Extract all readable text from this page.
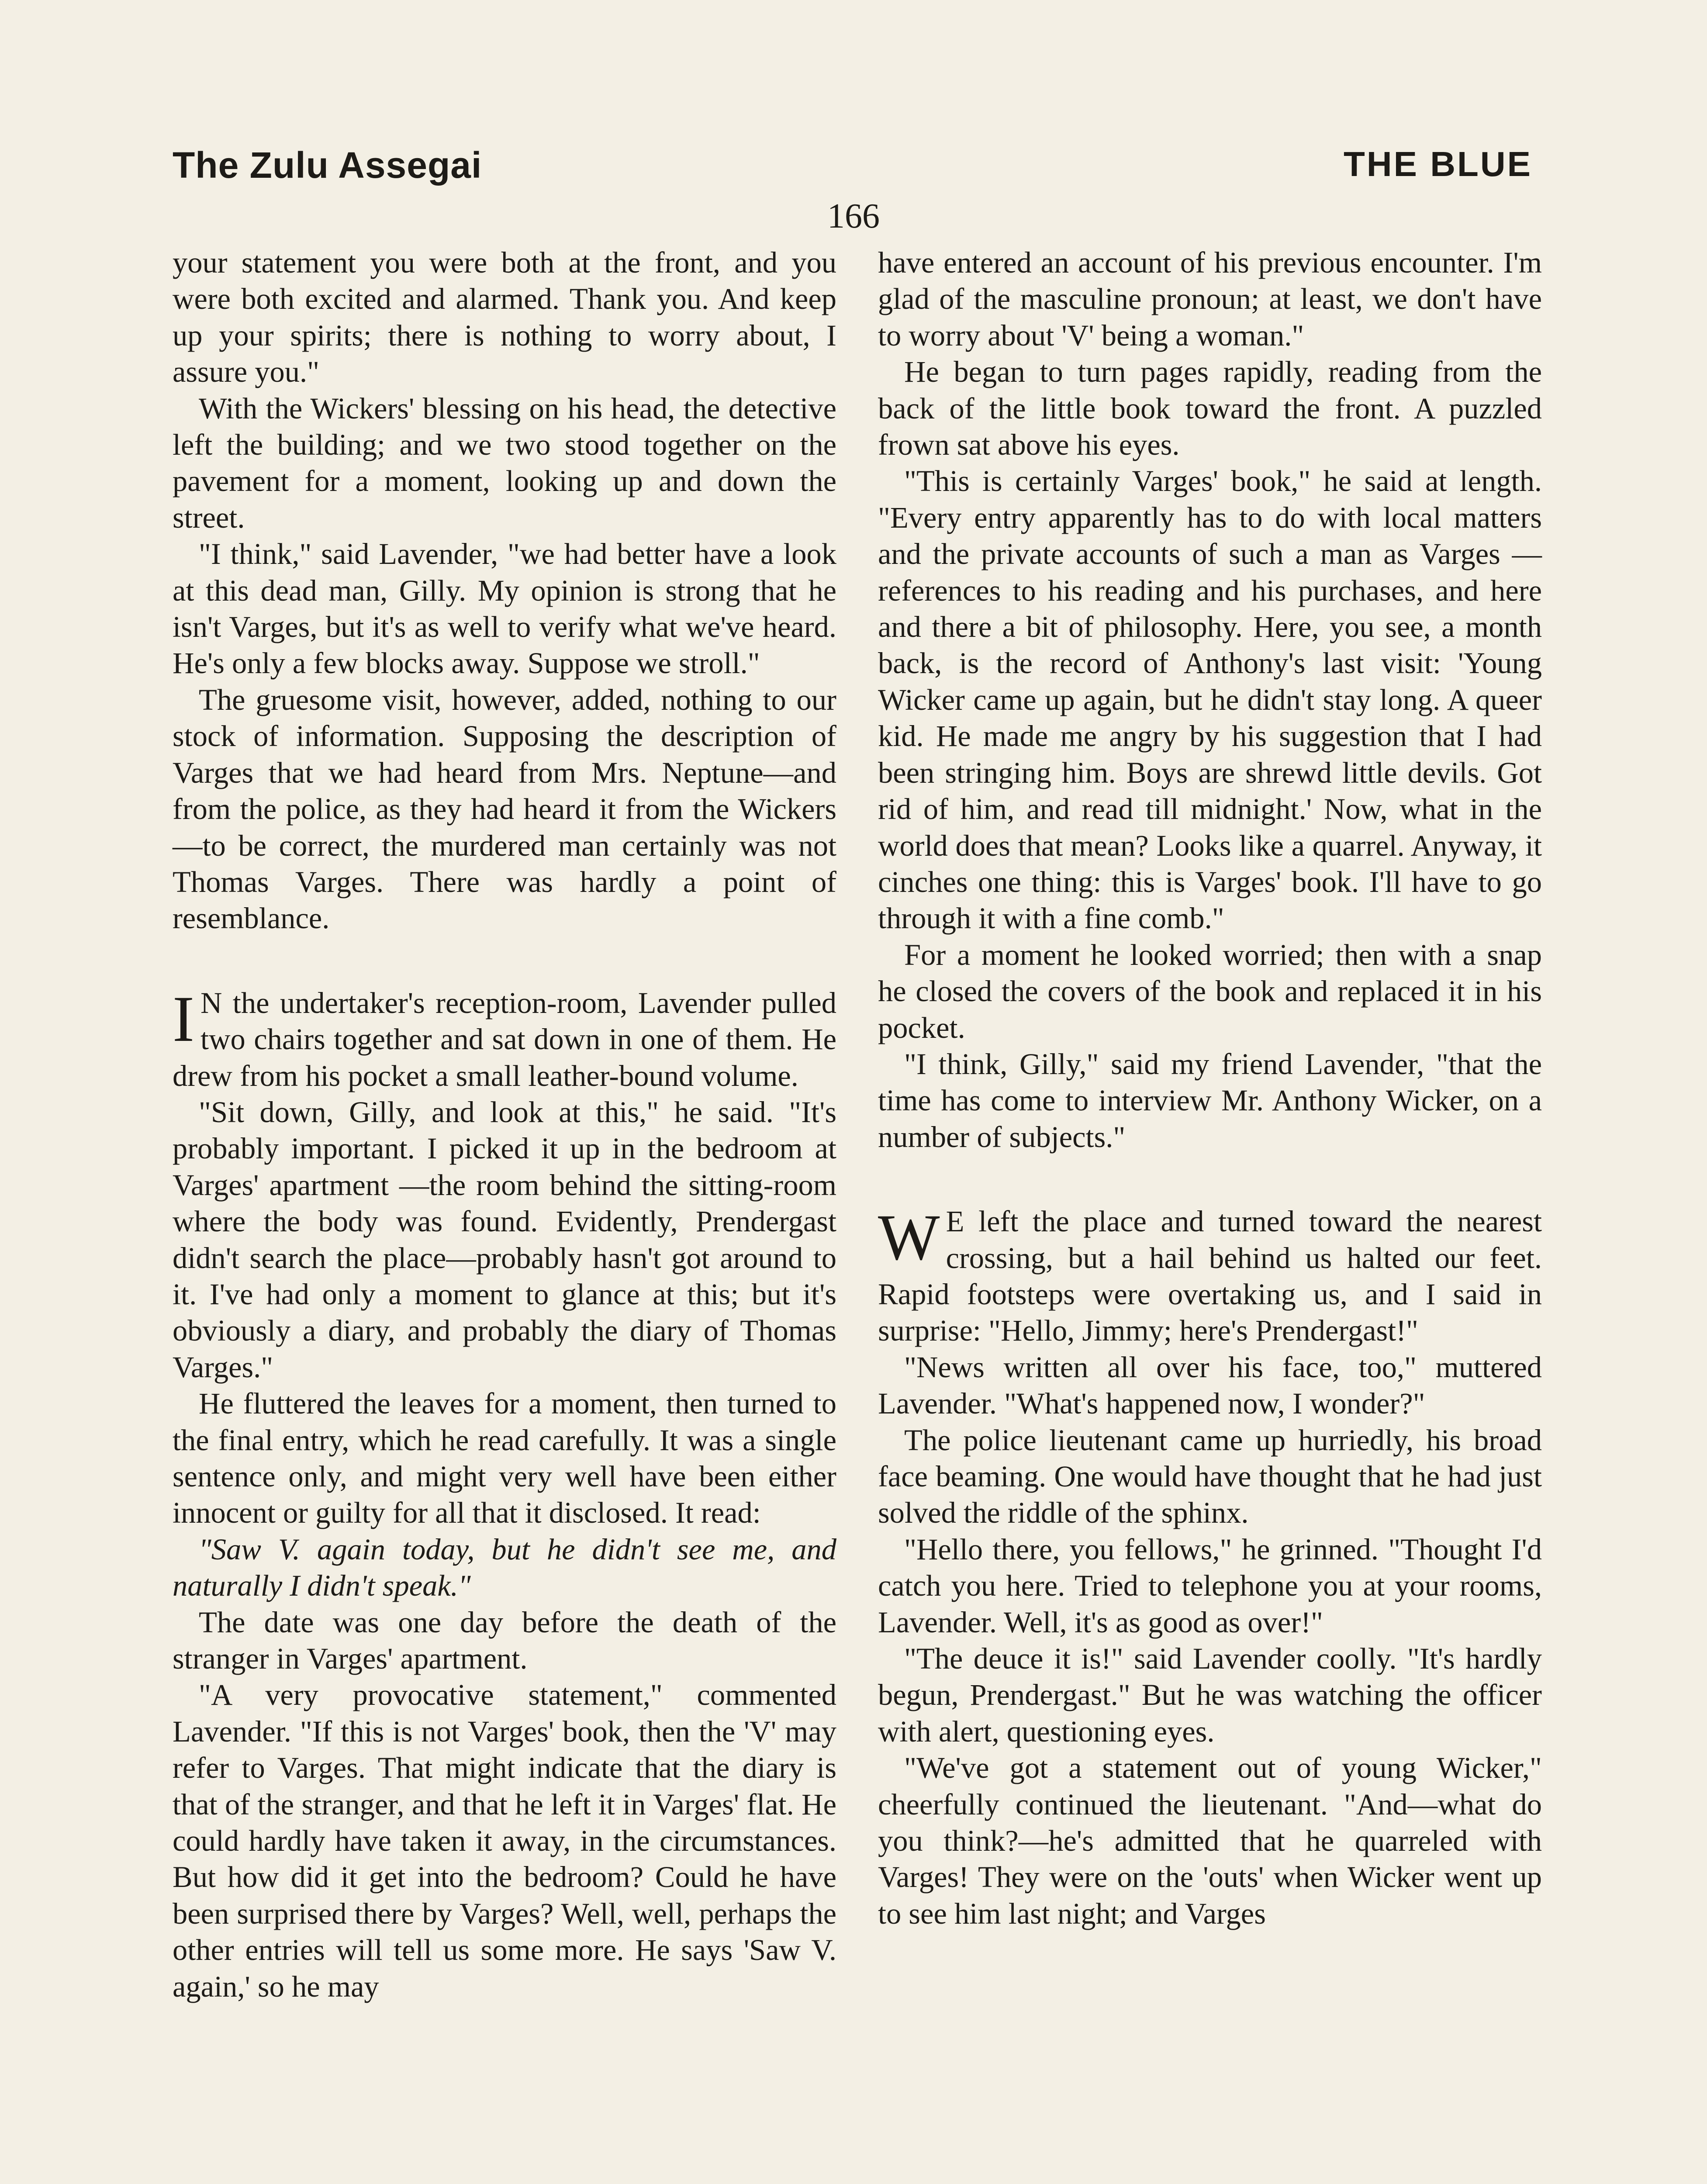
The Zulu Assegai	THE BLUE
166

your statement you were both at the front, and you were both excited and alarmed. Thank you. And keep up your spirits; there is nothing to worry about, I assure you."

With the Wickers' blessing on his head, the detective left the building; and we two stood together on the pavement for a moment, looking up and down the street.

"I think," said Lavender, "we had better have a look at this dead man, Gilly. My opinion is strong that he isn't Varges, but it's as well to verify what we've heard. He's only a few blocks away. Suppose we stroll."

The gruesome visit, however, added, nothing to our stock of information. Supposing the description of Varges that we had heard from Mrs. Neptune—and from the police, as they had heard it from the Wickers—to be correct, the murdered man certainly was not Thomas Varges. There was hardly a point of resemblance.

I N the undertaker's reception-room, Lavender pulled two chairs together and sat down in one of them. He drew from his pocket a small leather-bound volume.

"Sit down, Gilly, and look at this," he said. "It's probably important. I picked it up in the bedroom at Varges' apartment —the room behind the sitting-room where the body was found. Evidently, Prendergast didn't search the place—probably hasn't got around to it. I've had only a moment to glance at this; but it's obviously a diary, and probably the diary of Thomas Varges."

He fluttered the leaves for a moment, then turned to the final entry, which he read carefully. It was a single sentence only, and might very well have been either innocent or guilty for all that it disclosed. It read:

"Saw V. again today, but he didn't see me, and naturally I didn't speak."

The date was one day before the death of the stranger in Varges' apartment.

"A very provocative statement," commented Lavender. "If this is not Varges' book, then the 'V' may refer to Varges. That might indicate that the diary is that of the stranger, and that he left it in Varges' flat. He could hardly have taken it away, in the circumstances. But how did it get into the bedroom? Could he have been surprised there by Varges? Well, well, perhaps the other entries will tell us some more. He says 'Saw V. again,' so he may

have entered an account of his previous encounter. I'm glad of the masculine pronoun; at least, we don't have to worry about 'V' being a woman."

He began to turn pages rapidly, reading from the back of the little book toward the front. A puzzled frown sat above his eyes.

"This is certainly Varges' book," he said at length. "Every entry apparently has to do with local matters and the private accounts of such a man as Varges —references to his reading and his purchases, and here and there a bit of philosophy. Here, you see, a month back, is the record of Anthony's last visit: 'Young Wicker came up again, but he didn't stay long. A queer kid. He made me angry by his suggestion that I had been stringing him. Boys are shrewd little devils. Got rid of him, and read till midnight.' Now, what in the world does that mean? Looks like a quarrel. Anyway, it cinches one thing: this is Varges' book. I'll have to go through it with a fine comb."

For a moment he looked worried; then with a snap he closed the covers of the book and replaced it in his pocket.

"I think, Gilly," said my friend Lavender, "that the time has come to interview Mr. Anthony Wicker, on a number of subjects."

W E left the place and turned toward the nearest crossing, but a hail behind us halted our feet. Rapid footsteps were overtaking us, and I said in surprise: "Hello, Jimmy; here's Prendergast!"

"News written all over his face, too," muttered Lavender. "What's happened now, I wonder?"

The police lieutenant came up hurriedly, his broad face beaming. One would have thought that he had just solved the riddle of the sphinx.

"Hello there, you fellows," he grinned. "Thought I'd catch you here. Tried to telephone you at your rooms, Lavender. Well, it's as good as over!"

"The deuce it is!" said Lavender coolly. "It's hardly begun, Prendergast." But he was watching the officer with alert, questioning eyes.

"We've got a statement out of young Wicker," cheerfully continued the lieutenant. "And—what do you think?—he's admitted that he quarreled with Varges! They were on the 'outs' when Wicker went up to see him last night; and Varges
